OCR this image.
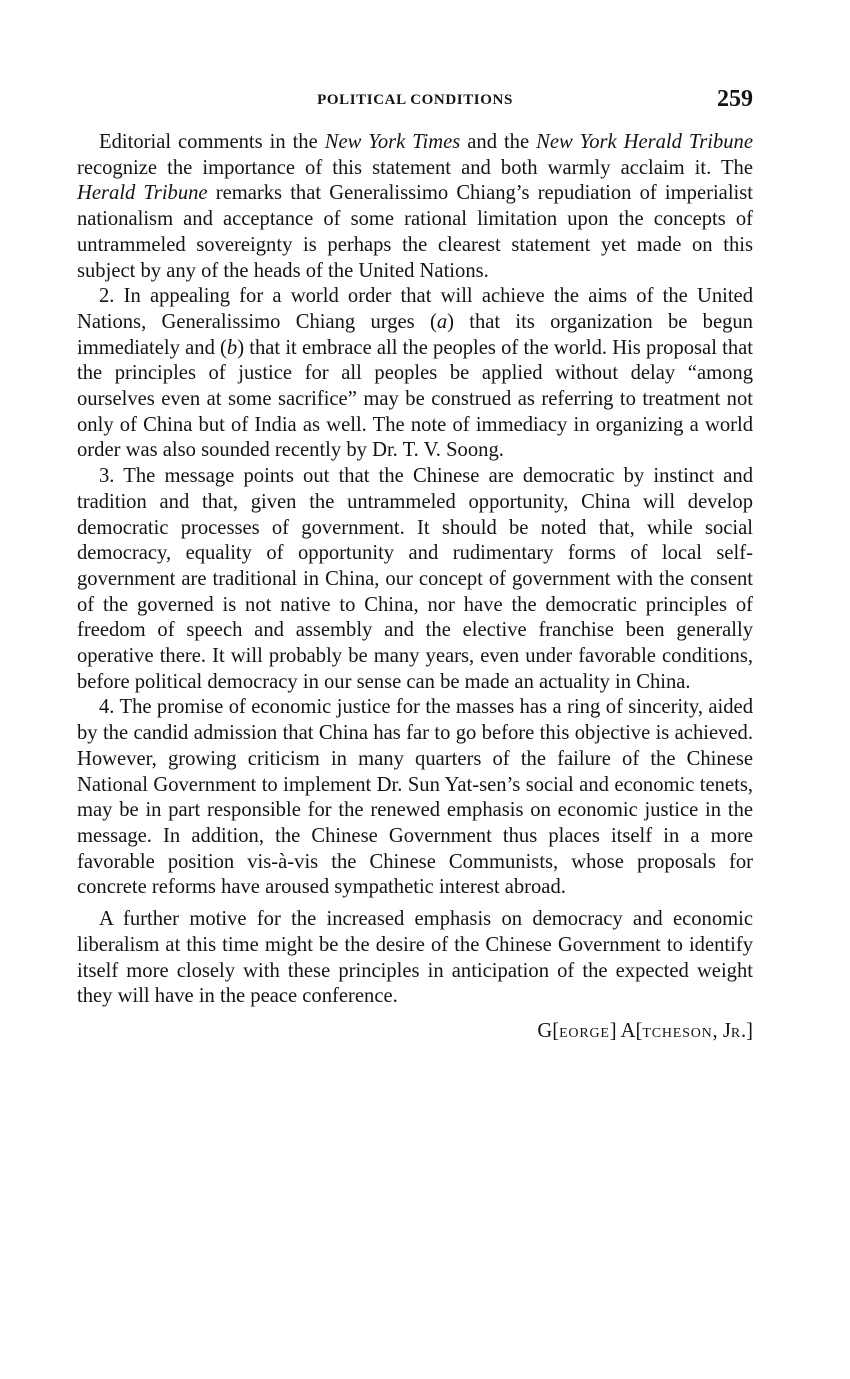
POLITICAL CONDITIONS	259

Editorial comments in the New York Times and the New York Herald Tribune recognize the importance of this statement and both warmly acclaim it. The Herald Tribune remarks that Generalissimo Chiang’s repudiation of imperialist nationalism and acceptance of some rational limitation upon the concepts of untrammeled sovereignty is perhaps the clearest statement yet made on this subject by any of the heads of the United Nations.

2. In appealing for a world order that will achieve the aims of the United Nations, Generalissimo Chiang urges (a) that its organization be begun immediately and (b) that it embrace all the peoples of the world. His proposal that the principles of justice for all peoples be applied without delay “among ourselves even at some sacrifice” may be construed as referring to treatment not only of China but of India as well. The note of immediacy in organizing a world order was also sounded recently by Dr. T. V. Soong.

3. The message points out that the Chinese are democratic by instinct and tradition and that, given the untrammeled opportunity, China will develop democratic processes of government. It should be noted that, while social democracy, equality of opportunity and rudimentary forms of local self-government are traditional in China, our concept of government with the consent of the governed is not native to China, nor have the democratic principles of freedom of speech and assembly and the elective franchise been generally operative there. It will probably be many years, even under favorable conditions, before political democracy in our sense can be made an actuality in China.

4. The promise of economic justice for the masses has a ring of sincerity, aided by the candid admission that China has far to go before this objective is achieved. However, growing criticism in many quarters of the failure of the Chinese National Government to implement Dr. Sun Yat-sen’s social and economic tenets, may be in part responsible for the renewed emphasis on economic justice in the message. In addition, the Chinese Government thus places itself in a more favorable position vis-à-vis the Chinese Communists, whose proposals for concrete reforms have aroused sympathetic interest abroad.

A further motive for the increased emphasis on democracy and economic liberalism at this time might be the desire of the Chinese Government to identify itself more closely with these principles in anticipation of the expected weight they will have in the peace conference.

G[EORGE] A[TCHESON, JR.]
